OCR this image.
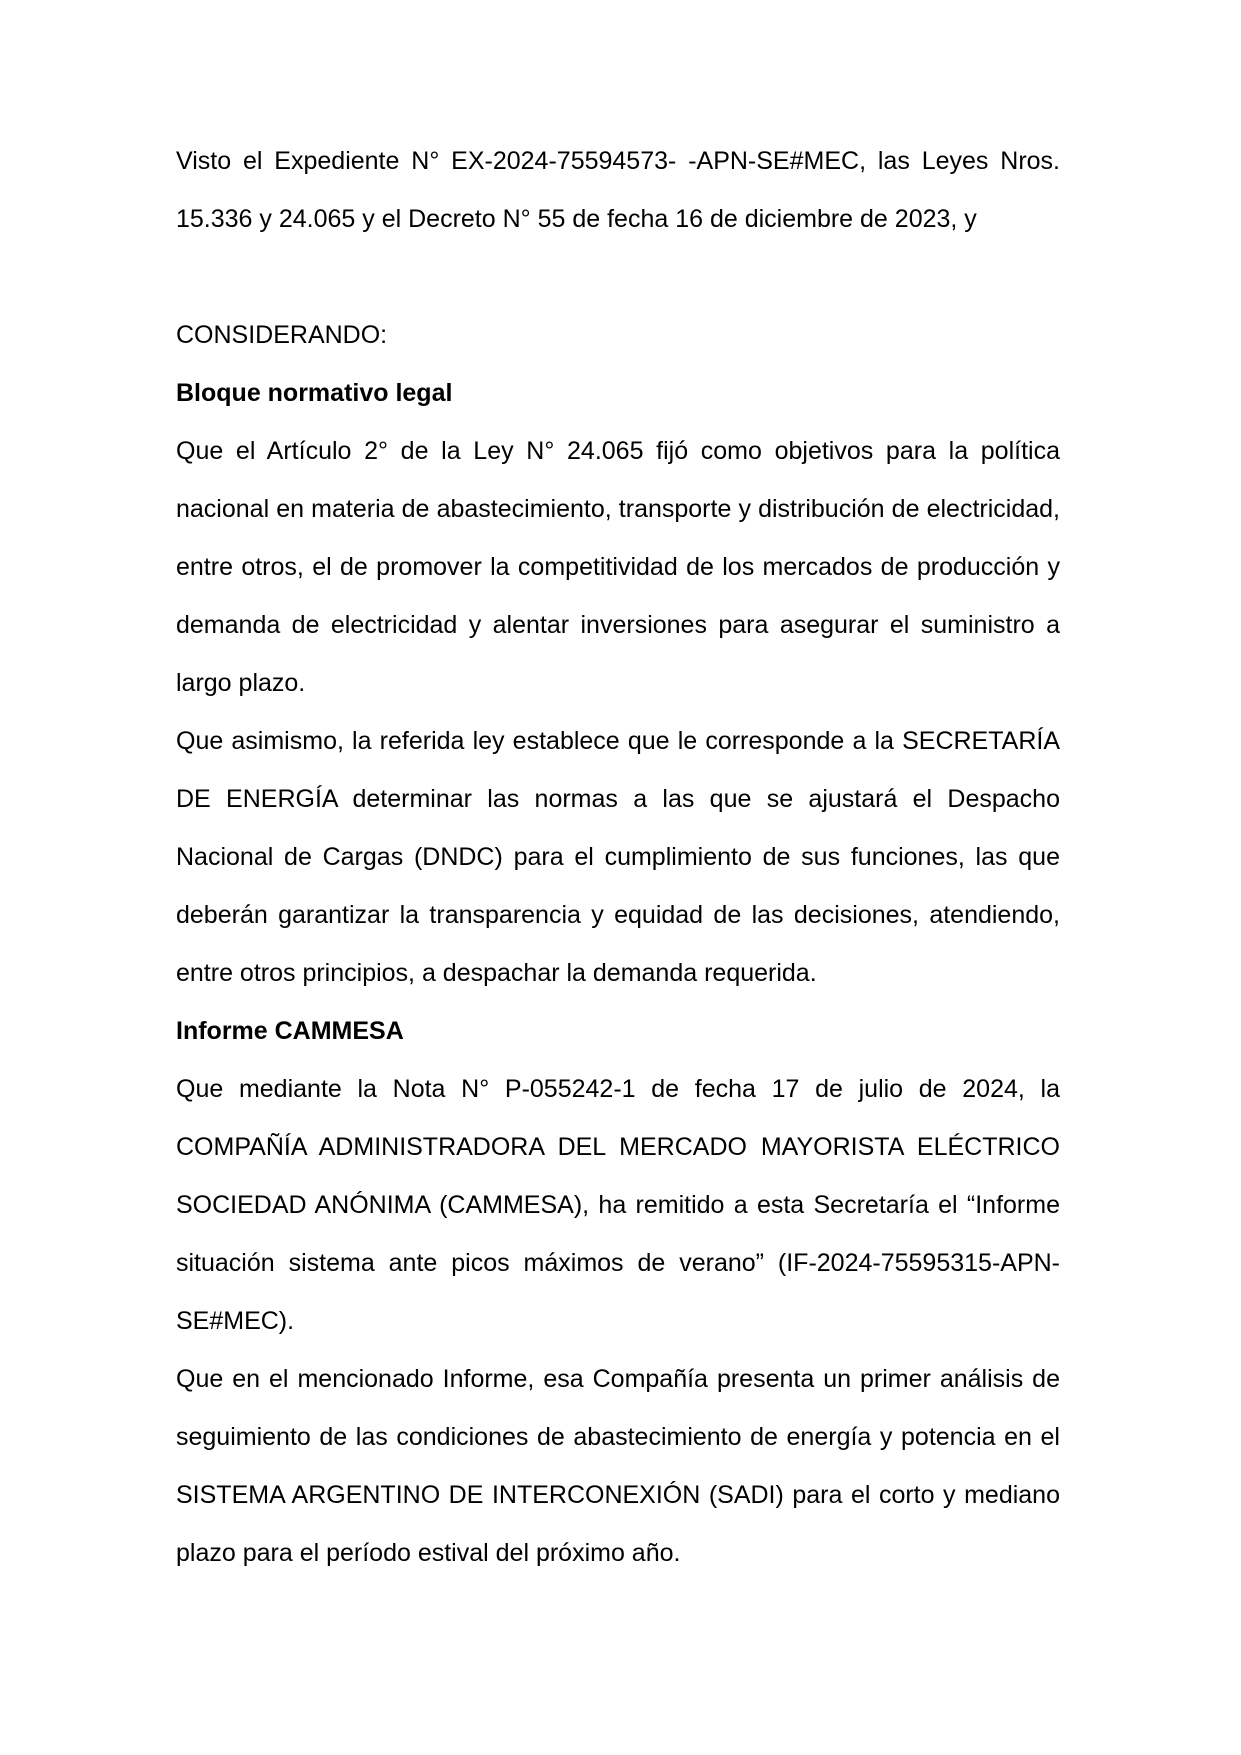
Visto el Expediente N° EX-2024-75594573- -APN-SE#MEC, las Leyes Nros. 15.336 y 24.065 y el Decreto N° 55 de fecha 16 de diciembre de 2023, y

CONSIDERANDO:

Bloque normativo legal

Que el Artículo 2° de la Ley N° 24.065 fijó como objetivos para la política nacional en materia de abastecimiento, transporte y distribución de electricidad, entre otros, el de promover la competitividad de los mercados de producción y demanda de electricidad y alentar inversiones para asegurar el suministro a largo plazo.

Que asimismo, la referida ley establece que le corresponde a la SECRETARÍA DE ENERGÍA determinar las normas a las que se ajustará el Despacho Nacional de Cargas (DNDC) para el cumplimiento de sus funciones, las que deberán garantizar la transparencia y equidad de las decisiones, atendiendo, entre otros principios, a despachar la demanda requerida.

Informe CAMMESA

Que mediante la Nota N° P-055242-1 de fecha 17 de julio de 2024, la COMPAÑÍA ADMINISTRADORA DEL MERCADO MAYORISTA ELÉCTRICO SOCIEDAD ANÓNIMA (CAMMESA), ha remitido a esta Secretaría el “Informe situación sistema ante picos máximos de verano” (IF-2024-75595315-APN-SE#MEC).

Que en el mencionado Informe, esa Compañía presenta un primer análisis de seguimiento de las condiciones de abastecimiento de energía y potencia en el SISTEMA ARGENTINO DE INTERCONEXIÓN (SADI) para el corto y mediano plazo para el período estival del próximo año.
